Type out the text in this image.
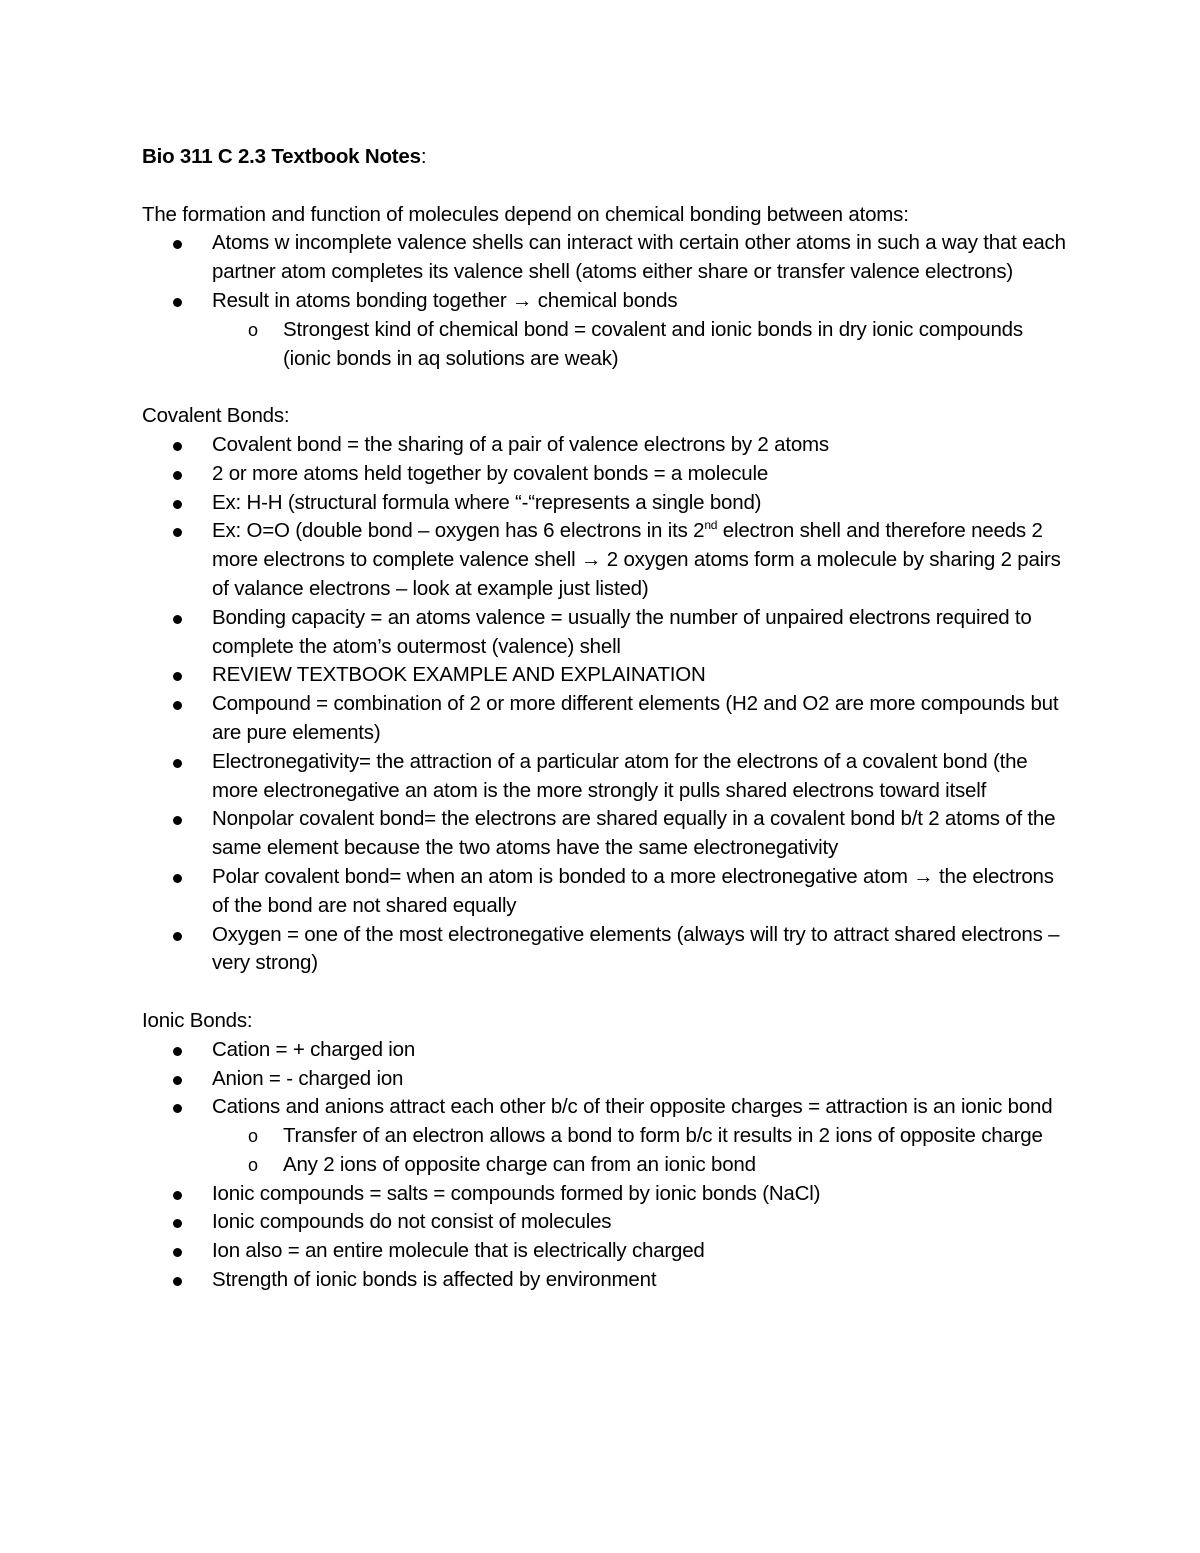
Bio 311 C 2.3 Textbook Notes:

The formation and function of molecules depend on chemical bonding between atoms:

Atoms w incomplete valence shells can interact with certain other atoms in such a way that each partner atom completes its valence shell (atoms either share or transfer valence electrons)
Result in atoms bonding together → chemical bonds
o Strongest kind of chemical bond = covalent and ionic bonds in dry ionic compounds (ionic bonds in aq solutions are weak)

Covalent Bonds:

Covalent bond = the sharing of a pair of valence electrons by 2 atoms
2 or more atoms held together by covalent bonds = a molecule
Ex: H-H (structural formula where “-“represents a single bond)
Ex: O=O (double bond – oxygen has 6 electrons in its 2nd electron shell and therefore needs 2 more electrons to complete valence shell → 2 oxygen atoms form a molecule by sharing 2 pairs of valance electrons – look at example just listed)
Bonding capacity = an atoms valence = usually the number of unpaired electrons required to complete the atom’s outermost (valence) shell
REVIEW TEXTBOOK EXAMPLE AND EXPLAINATION
Compound = combination of 2 or more different elements (H2 and O2 are more compounds but are pure elements)
Electronegativity= the attraction of a particular atom for the electrons of a covalent bond (the more electronegative an atom is the more strongly it pulls shared electrons toward itself
Nonpolar covalent bond= the electrons are shared equally in a covalent bond b/t 2 atoms of the same element because the two atoms have the same electronegativity
Polar covalent bond= when an atom is bonded to a more electronegative atom → the electrons of the bond are not shared equally
Oxygen = one of the most electronegative elements (always will try to attract shared electrons – very strong)

Ionic Bonds:

Cation = + charged ion
Anion = - charged ion
Cations and anions attract each other b/c of their opposite charges = attraction is an ionic bond
o Transfer of an electron allows a bond to form b/c it results in 2 ions of opposite charge
o Any 2 ions of opposite charge can from an ionic bond
Ionic compounds = salts = compounds formed by ionic bonds (NaCl)
Ionic compounds do not consist of molecules
Ion also = an entire molecule that is electrically charged
Strength of ionic bonds is affected by environment
